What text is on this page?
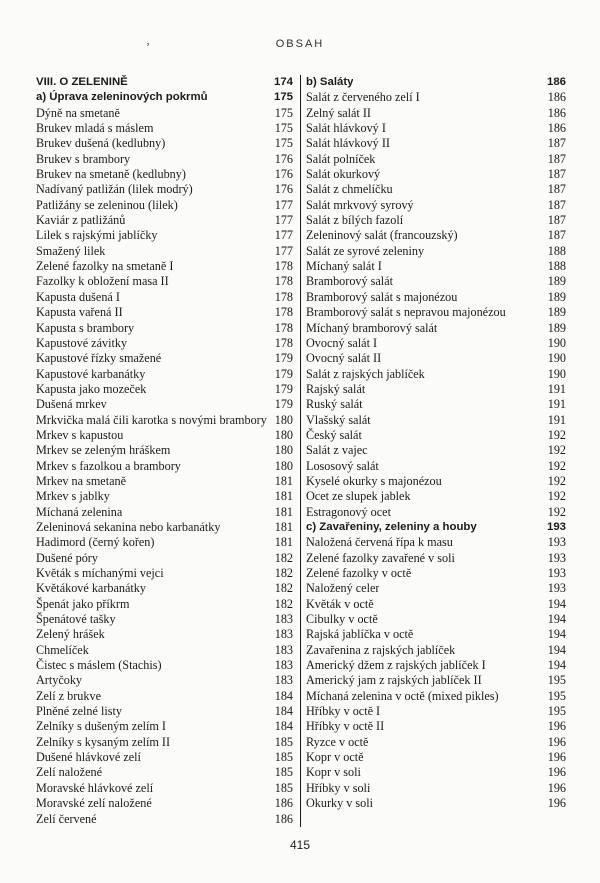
OBSAH
ʼ
VIII. O ZELENINĚ	174
a) Úprava zeleninových pokrmů	175
Dýně na smetaně	175
Brukev mladá s máslem	175
Brukev dušená (kedlubny)	175
Brukev s brambory	176
Brukev na smetaně (kedlubny)	176
Nadívaný patližán (lilek modrý)	176
Patližány se zeleninou (lilek)	177
Kaviár z patližánů	177
Lilek s rajskými jablíčky	177
Smažený lilek	177
Zelené fazolky na smetaně I	178
Fazolky k obložení masa II	178
Kapusta dušená I	178
Kapusta vařená II	178
Kapusta s brambory	178
Kapustové závitky	178
Kapustové řízky smažené	179
Kapustové karbanátky	179
Kapusta jako mozeček	179
Dušená mrkev	179
Mrkvička malá čili karotka s novými brambory 180
Mrkev s kapustou	180
Mrkev se zeleným hráškem	180
Mrkev s fazolkou a brambory	180
Mrkev na smetaně	181
Mrkev s jablky	181
Míchaná zelenina	181
Zeleninová sekanina nebo karbanátky	181
Hadimord (černý kořen)	181
Dušené póry	182
Květák s míchanými vejci	182
Květákové karbanátky	182
Špenát jako příkrm	182
Špenátové tašky	183
Zelený hrášek	183
Chmelíček	183
Čistec s máslem (Stachis)	183
Artyčoky	183
Zelí z brukve	184
Plněné zelné listy	184
Zelníky s dušeným zelím I	184
Zelníky s kysaným zelím II	185
Dušené hlávkové zelí	185
Zelí naložené	185
Moravské hlávkové zelí	185
Moravské zelí naložené	186
Zelí červené	186
b) Saláty	186
Salát z červeného zelí I	186
Zelný salát II	186
Salát hlávkový I	186
Salát hlávkový II	187
Salát polníček	187
Salát okurkový	187
Salát z chmelíčku	187
Salát mrkvový syrový	187
Salát z bílých fazolí	187
Zeleninový salát (francouzský)	187
Salát ze syrové zeleniny	188
Míchaný salát I	188
Bramborový salát	189
Bramborový salát s majonézou	189
Bramborový salát s nepravou majonézou	189
Míchaný bramborový salát	189
Ovocný salát I	190
Ovocný salát II	190
Salát z rajských jablíček	190
Rajský salát	191
Ruský salát	191
Vlašský salát	191
Český salát	192
Salát z vajec	192
Lososový salát	192
Kyselé okurky s majonézou	192
Ocet ze slupek jablek	192
Estragonový ocet	192
c) Zavařeniny, zeleniny a houby	193
Naložená červená řípa k masu	193
Zelené fazolky zavařené v soli	193
Zelené fazolky v octě	193
Naložený celer	193
Květák v octě	194
Cibulky v octě	194
Rajská jablíčka v octě	194
Zavařenina z rajských jablíček	194
Americký džem z rajských jablíček I	194
Americký jam z rajských jablíček II	195
Míchaná zelenina v octě (mixed pikles)	195
Hříbky v octě I	195
Hříbky v octě II	196
Ryzce v octě	196
Kopr v octě	196
Kopr v soli	196
Hříbky v soli	196
Okurky v soli	196
415
